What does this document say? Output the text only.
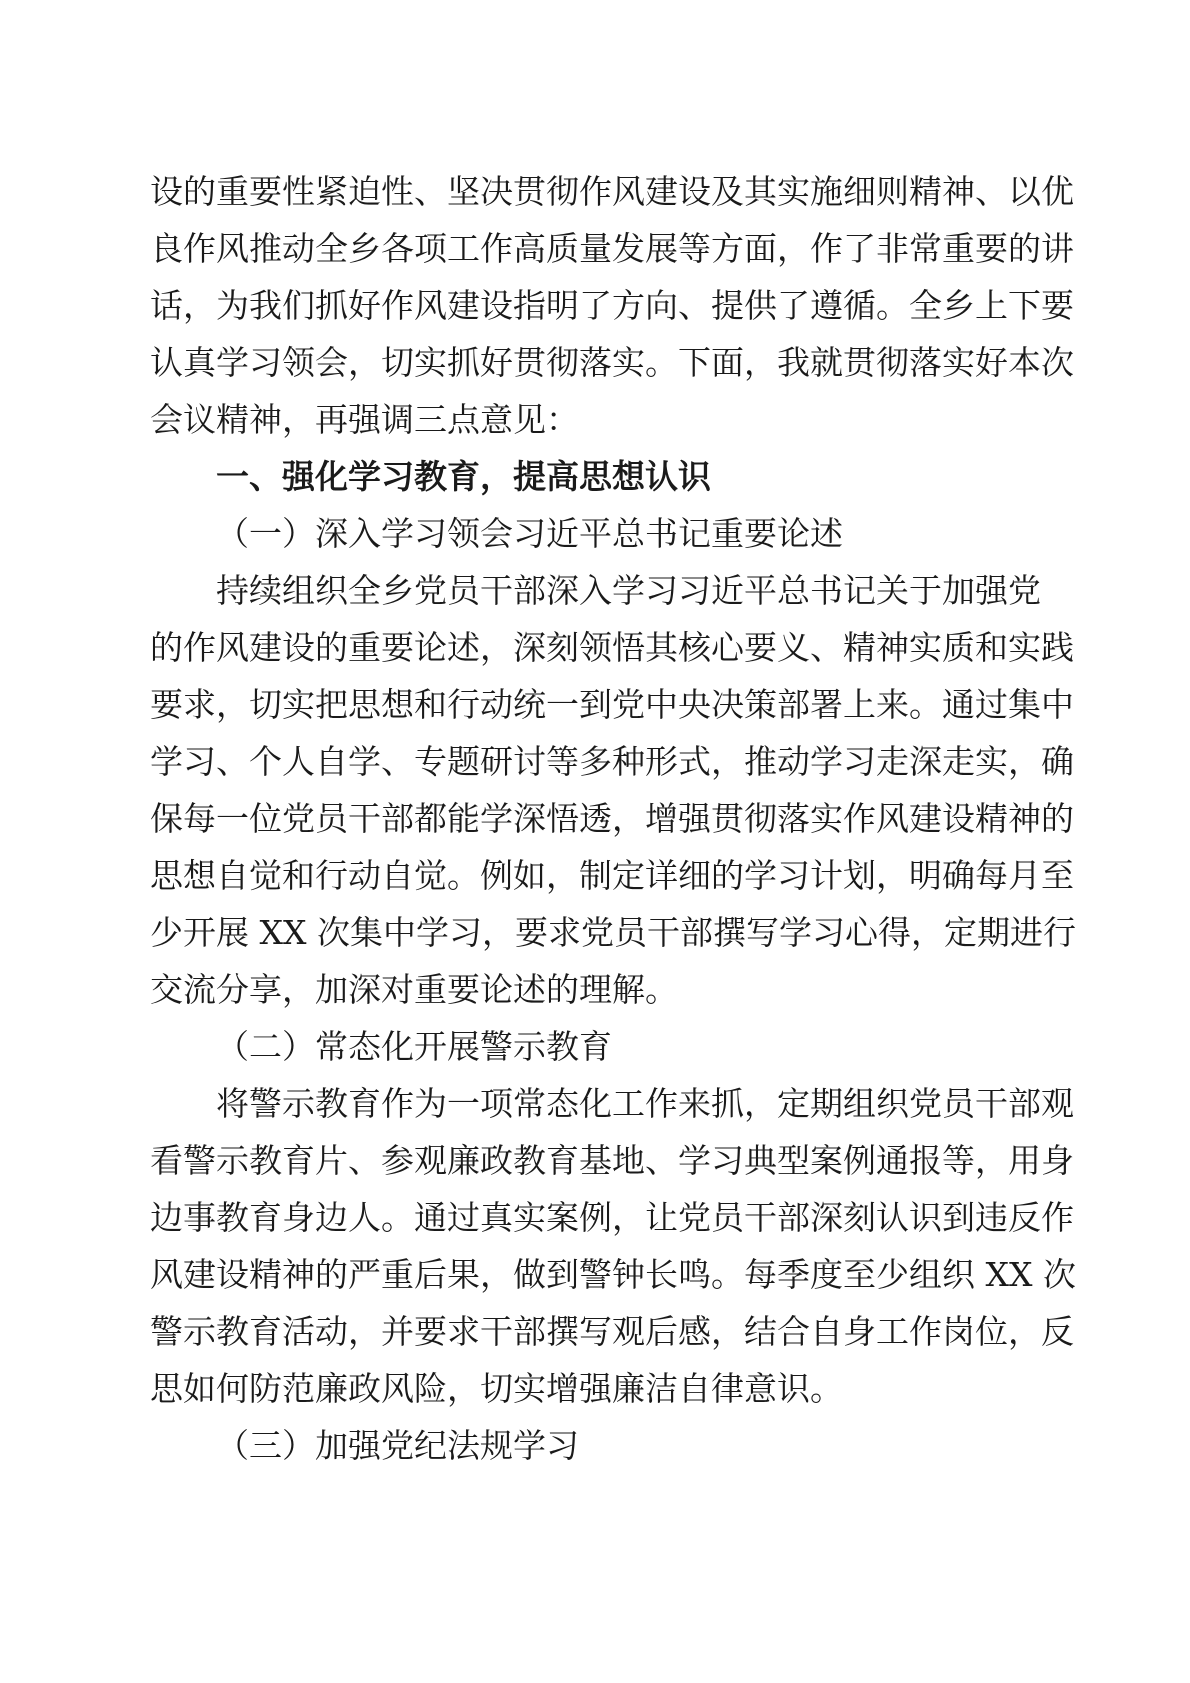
设的重要性紧迫性、坚决贯彻作风建设及其实施细则精神、以优
良作风推动全乡各项工作高质量发展等方面，作了非常重要的讲
话，为我们抓好作风建设指明了方向、提供了遵循。全乡上下要
认真学习领会，切实抓好贯彻落实。下面，我就贯彻落实好本次
会议精神，再强调三点意见：
一、强化学习教育，提高思想认识
（一）深入学习领会习近平总书记重要论述
持续组织全乡党员干部深入学习习近平总书记关于加强党
的作风建设的重要论述，深刻领悟其核心要义、精神实质和实践
要求，切实把思想和行动统一到党中央决策部署上来。通过集中
学习、个人自学、专题研讨等多种形式，推动学习走深走实，确
保每一位党员干部都能学深悟透，增强贯彻落实作风建设精神的
思想自觉和行动自觉。例如，制定详细的学习计划，明确每月至
少开展 XX 次集中学习，要求党员干部撰写学习心得，定期进行
交流分享，加深对重要论述的理解。
（二）常态化开展警示教育
将警示教育作为一项常态化工作来抓，定期组织党员干部观
看警示教育片、参观廉政教育基地、学习典型案例通报等，用身
边事教育身边人。通过真实案例，让党员干部深刻认识到违反作
风建设精神的严重后果，做到警钟长鸣。每季度至少组织 XX 次
警示教育活动，并要求干部撰写观后感，结合自身工作岗位，反
思如何防范廉政风险，切实增强廉洁自律意识。
（三）加强党纪法规学习
